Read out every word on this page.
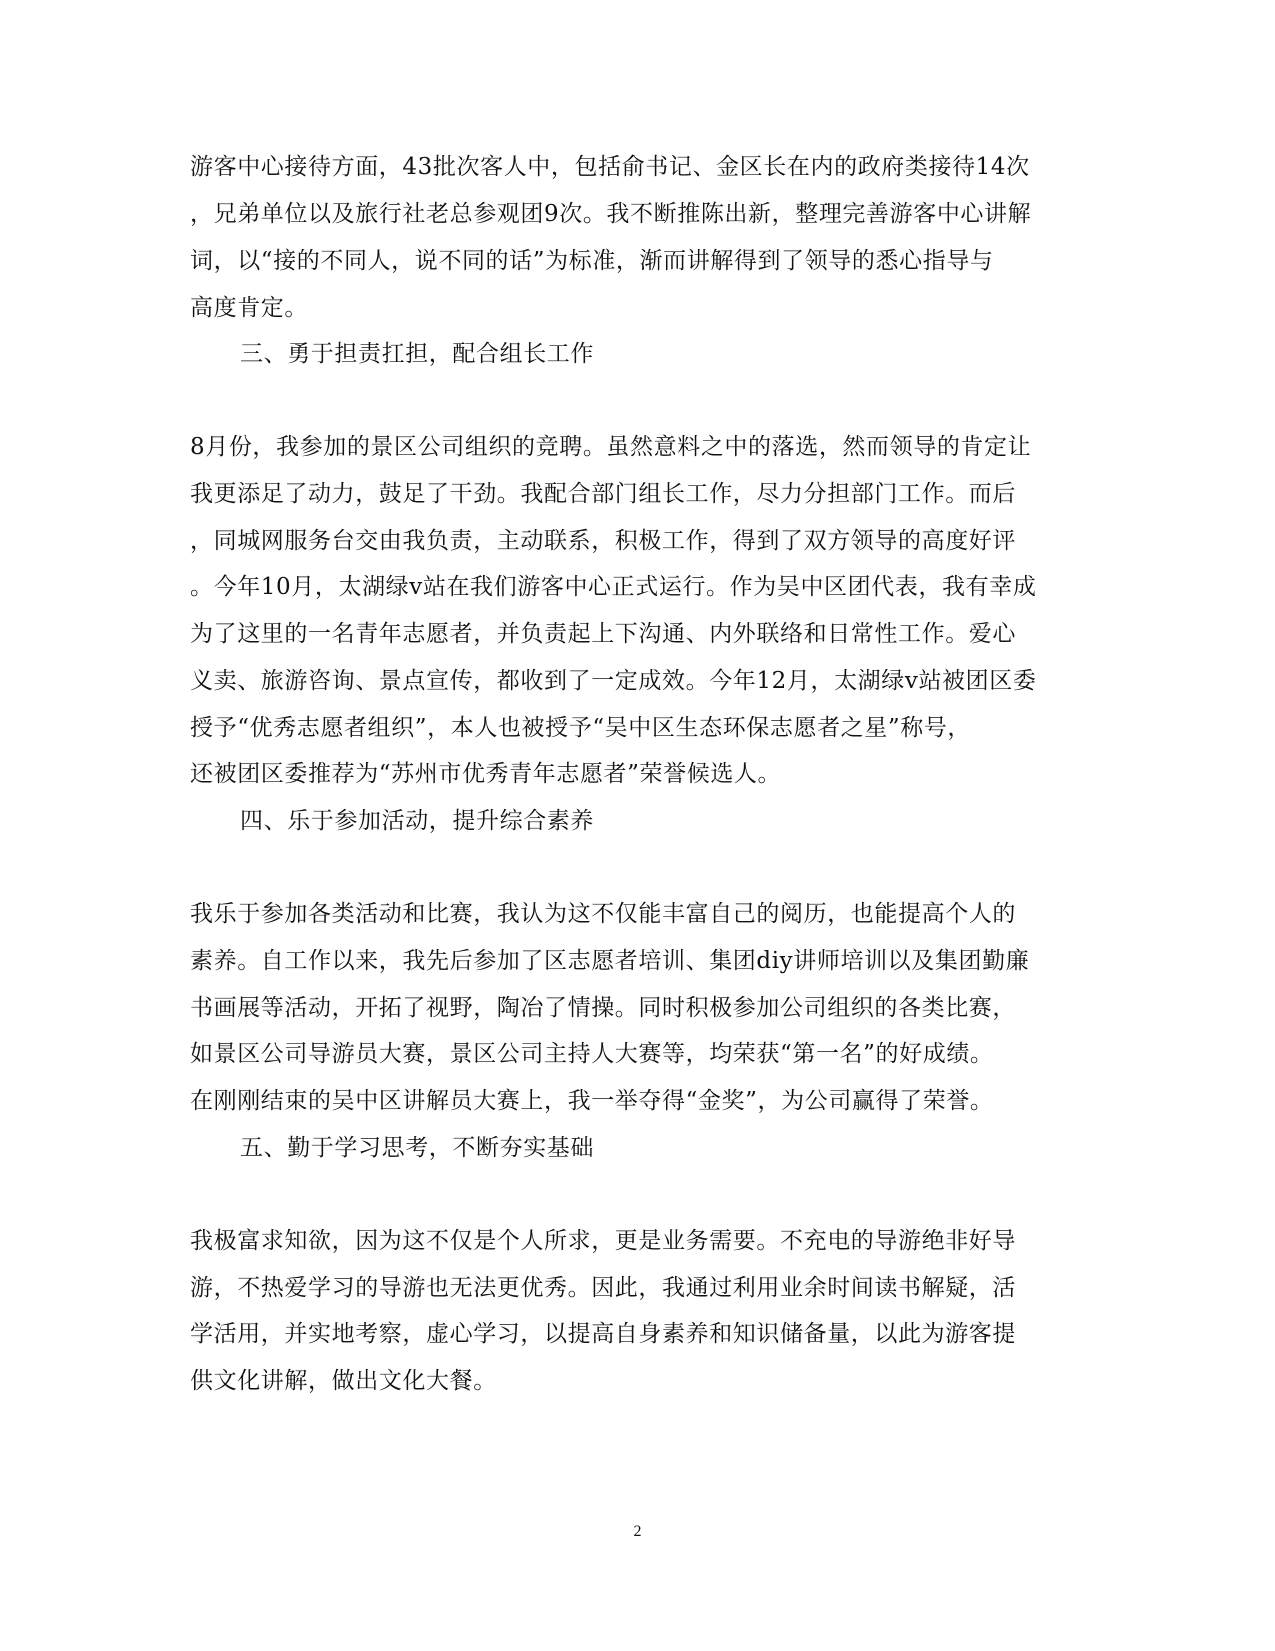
游客中心接待方面，43批次客人中，包括俞书记、金区长在内的政府类接待14次
，兄弟单位以及旅行社老总参观团9次。我不断推陈出新，整理完善游客中心讲解
词，以“接的不同人，说不同的话”为标准，渐而讲解得到了领导的悉心指导与
高度肯定。
三、勇于担责扛担，配合组长工作
8月份，我参加的景区公司组织的竞聘。虽然意料之中的落选，然而领导的肯定让
我更添足了动力，鼓足了干劲。我配合部门组长工作，尽力分担部门工作。而后
，同城网服务台交由我负责，主动联系，积极工作，得到了双方领导的高度好评
。今年10月，太湖绿v站在我们游客中心正式运行。作为吴中区团代表，我有幸成
为了这里的一名青年志愿者，并负责起上下沟通、内外联络和日常性工作。爱心
义卖、旅游咨询、景点宣传，都收到了一定成效。今年12月，太湖绿v站被团区委
授予“优秀志愿者组织”，本人也被授予“吴中区生态环保志愿者之星”称号，
还被团区委推荐为“苏州市优秀青年志愿者”荣誉候选人。
四、乐于参加活动，提升综合素养
我乐于参加各类活动和比赛，我认为这不仅能丰富自己的阅历，也能提高个人的
素养。自工作以来，我先后参加了区志愿者培训、集团diy讲师培训以及集团勤廉
书画展等活动，开拓了视野，陶冶了情操。同时积极参加公司组织的各类比赛，
如景区公司导游员大赛，景区公司主持人大赛等，均荣获“第一名”的好成绩。
在刚刚结束的吴中区讲解员大赛上，我一举夺得“金奖”，为公司赢得了荣誉。
五、勤于学习思考，不断夯实基础
我极富求知欲，因为这不仅是个人所求，更是业务需要。不充电的导游绝非好导
游，不热爱学习的导游也无法更优秀。因此，我通过利用业余时间读书解疑，活
学活用，并实地考察，虚心学习，以提高自身素养和知识储备量，以此为游客提
供文化讲解，做出文化大餐。
2
